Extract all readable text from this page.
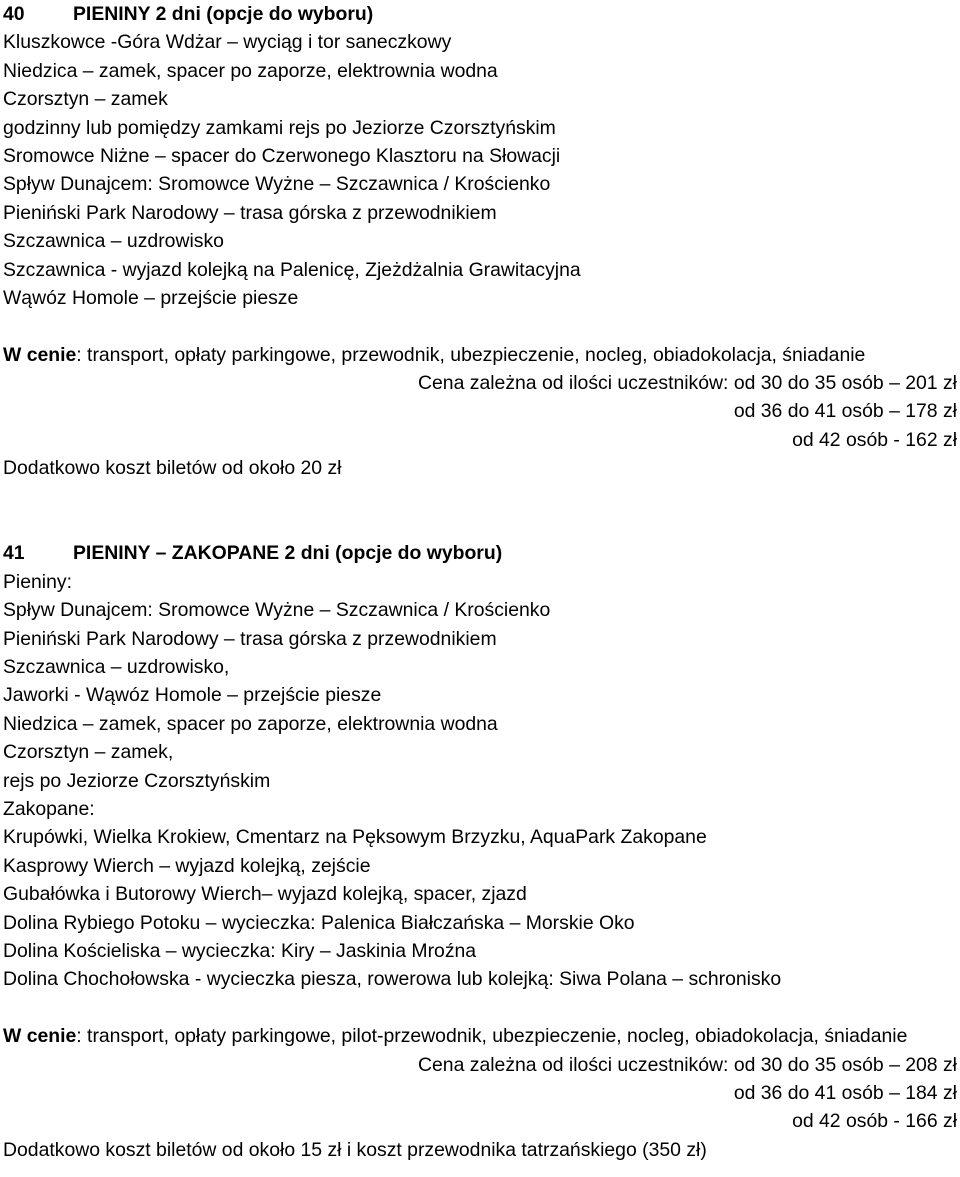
40 PIENINY 2 dni (opcje do wyboru)
Kluszkowce -Góra Wdżar – wyciąg i tor saneczkowy
Niedzica – zamek, spacer po zaporze, elektrownia wodna
Czorsztyn – zamek
godzinny lub pomiędzy zamkami rejs po Jeziorze Czorsztyńskim
Sromowce Niżne – spacer do Czerwonego Klasztoru na Słowacji
Spływ Dunajcem: Sromowce Wyżne – Szczawnica / Krościenko
Pieniński Park Narodowy – trasa górska z przewodnikiem
Szczawnica – uzdrowisko
Szczawnica - wyjazd kolejką na Palenicę, Zjeżdżalnia Grawitacyjna
Wąwóz Homole – przejście piesze
W cenie: transport, opłaty parkingowe, przewodnik, ubezpieczenie, nocleg, obiadokolacja, śniadanie
Cena zależna od ilości uczestników: od 30 do 35 osób – 201 zł
od 36 do 41 osób – 178 zł
od 42 osób - 162 zł
Dodatkowo koszt biletów od około 20 zł
41 PIENINY – ZAKOPANE 2 dni (opcje do wyboru)
Pieniny:
Spływ Dunajcem: Sromowce Wyżne – Szczawnica / Krościenko
Pieniński Park Narodowy – trasa górska z przewodnikiem
Szczawnica – uzdrowisko,
Jaworki - Wąwóz Homole – przejście piesze
Niedzica – zamek, spacer po zaporze, elektrownia wodna
Czorsztyn – zamek,
rejs po Jeziorze Czorsztyńskim
Zakopane:
Krupówki, Wielka Krokiew, Cmentarz na Pęksowym Brzyzku, AquaPark Zakopane
Kasprowy Wierch – wyjazd kolejką, zejście
Gubałówka i Butorowy Wierch– wyjazd kolejką, spacer, zjazd
Dolina Rybiego Potoku – wycieczka: Palenica Białczańska – Morskie Oko
Dolina Kościeliska – wycieczka: Kiry – Jaskinia Mroźna
Dolina Chochołowska - wycieczka piesza, rowerowa lub kolejką: Siwa Polana – schronisko
W cenie: transport, opłaty parkingowe, pilot-przewodnik, ubezpieczenie, nocleg, obiadokolacja, śniadanie
Cena zależna od ilości uczestników: od 30 do 35 osób – 208 zł
od 36 do 41 osób – 184 zł
od 42 osób - 166 zł
Dodatkowo koszt biletów od około 15 zł i koszt przewodnika tatrzańskiego (350 zł)
